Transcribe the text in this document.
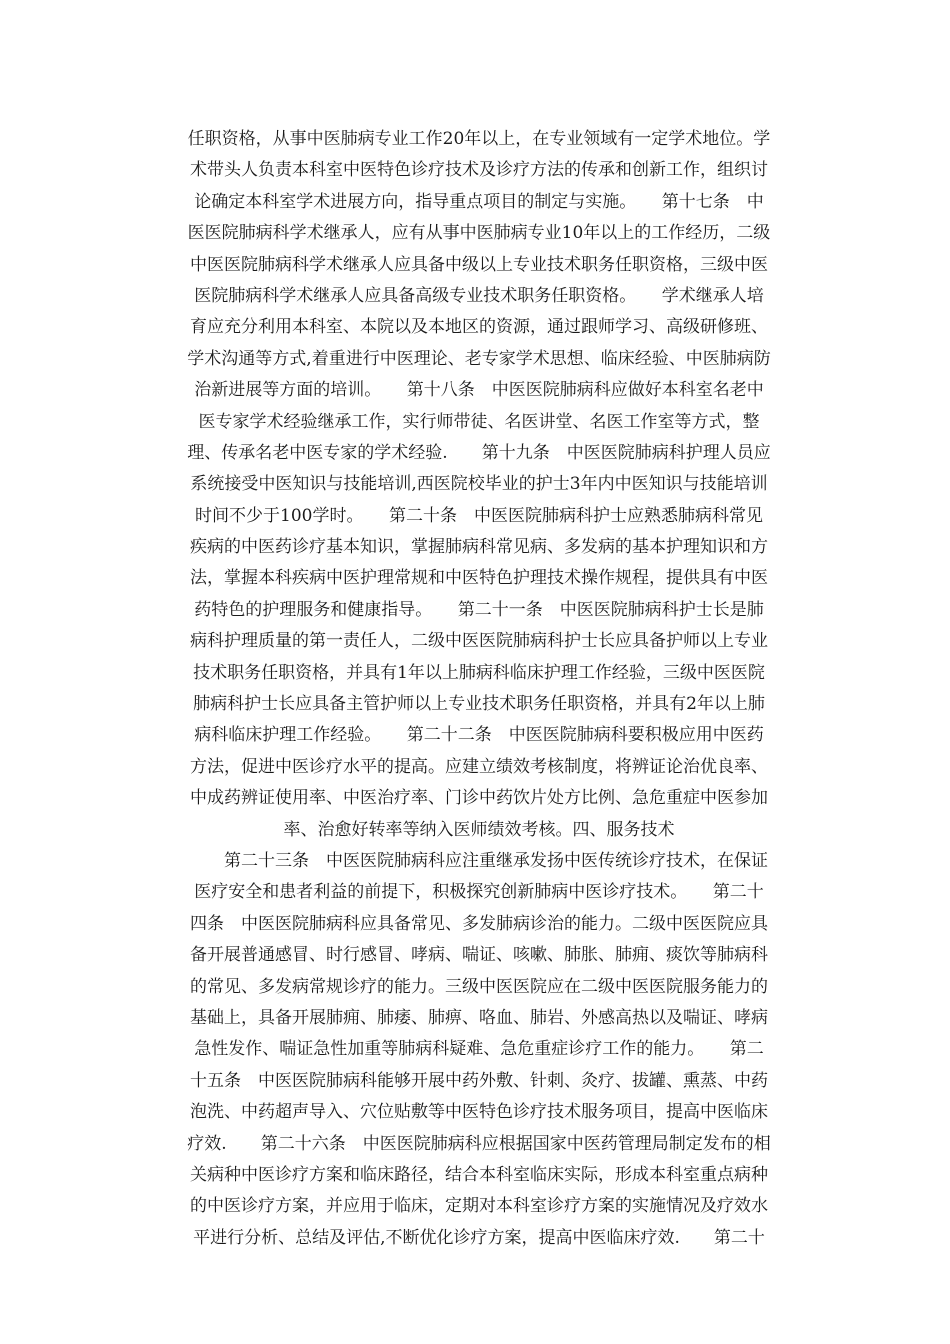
任职资格，从事中医肺病专业工作20年以上，在专业领域有一定学术地位。学
术带头人负责本科室中医特色诊疗技术及诊疗方法的传承和创新工作，组织讨
论确定本科室学术进展方向，指导重点项目的制定与实施。　　第十七条　中
医医院肺病科学术继承人，应有从事中医肺病专业10年以上的工作经历，二级
中医医院肺病科学术继承人应具备中级以上专业技术职务任职资格，三级中医
医院肺病科学术继承人应具备高级专业技术职务任职资格。　　学术继承人培
育应充分利用本科室、本院以及本地区的资源，通过跟师学习、高级研修班、
学术沟通等方式,着重进行中医理论、老专家学术思想、临床经验、中医肺病防
治新进展等方面的培训。　　第十八条　中医医院肺病科应做好本科室名老中
医专家学术经验继承工作，实行师带徒、名医讲堂、名医工作室等方式，整
理、传承名老中医专家的学术经验.　　第十九条　中医医院肺病科护理人员应
系统接受中医知识与技能培训,西医院校毕业的护士3年内中医知识与技能培训
时间不少于100学时。　　第二十条　中医医院肺病科护士应熟悉肺病科常见
疾病的中医药诊疗基本知识，掌握肺病科常见病、多发病的基本护理知识和方
法，掌握本科疾病中医护理常规和中医特色护理技术操作规程，提供具有中医
药特色的护理服务和健康指导。　　第二十一条　中医医院肺病科护士长是肺
病科护理质量的第一责任人，二级中医医院肺病科护士长应具备护师以上专业
技术职务任职资格，并具有1年以上肺病科临床护理工作经验，三级中医医院
肺病科护士长应具备主管护师以上专业技术职务任职资格，并具有2年以上肺
病科临床护理工作经验。　　第二十二条　中医医院肺病科要积极应用中医药
方法，促进中医诊疗水平的提高。应建立绩效考核制度，将辨证论治优良率、
中成药辨证使用率、中医治疗率、门诊中药饮片处方比例、急危重症中医参加
率、治愈好转率等纳入医师绩效考核。四、服务技术
　　第二十三条　中医医院肺病科应注重继承发扬中医传统诊疗技术，在保证
医疗安全和患者利益的前提下，积极探究创新肺病中医诊疗技术。　　第二十
四条　中医医院肺病科应具备常见、多发肺病诊治的能力。二级中医医院应具
备开展普通感冒、时行感冒、哮病、喘证、咳嗽、肺胀、肺痈、痰饮等肺病科
的常见、多发病常规诊疗的能力。三级中医医院应在二级中医医院服务能力的
基础上，具备开展肺痈、肺痿、肺痹、咯血、肺岩、外感高热以及喘证、哮病
急性发作、喘证急性加重等肺病科疑难、急危重症诊疗工作的能力。　　第二
十五条　中医医院肺病科能够开展中药外敷、针刺、灸疗、拔罐、熏蒸、中药
泡洗、中药超声导入、穴位贴敷等中医特色诊疗技术服务项目，提高中医临床
疗效.　　第二十六条　中医医院肺病科应根据国家中医药管理局制定发布的相
关病种中医诊疗方案和临床路径，结合本科室临床实际，形成本科室重点病种
的中医诊疗方案，并应用于临床，定期对本科室诊疗方案的实施情况及疗效水
平进行分析、总结及评估,不断优化诊疗方案，提高中医临床疗效.　　第二十
